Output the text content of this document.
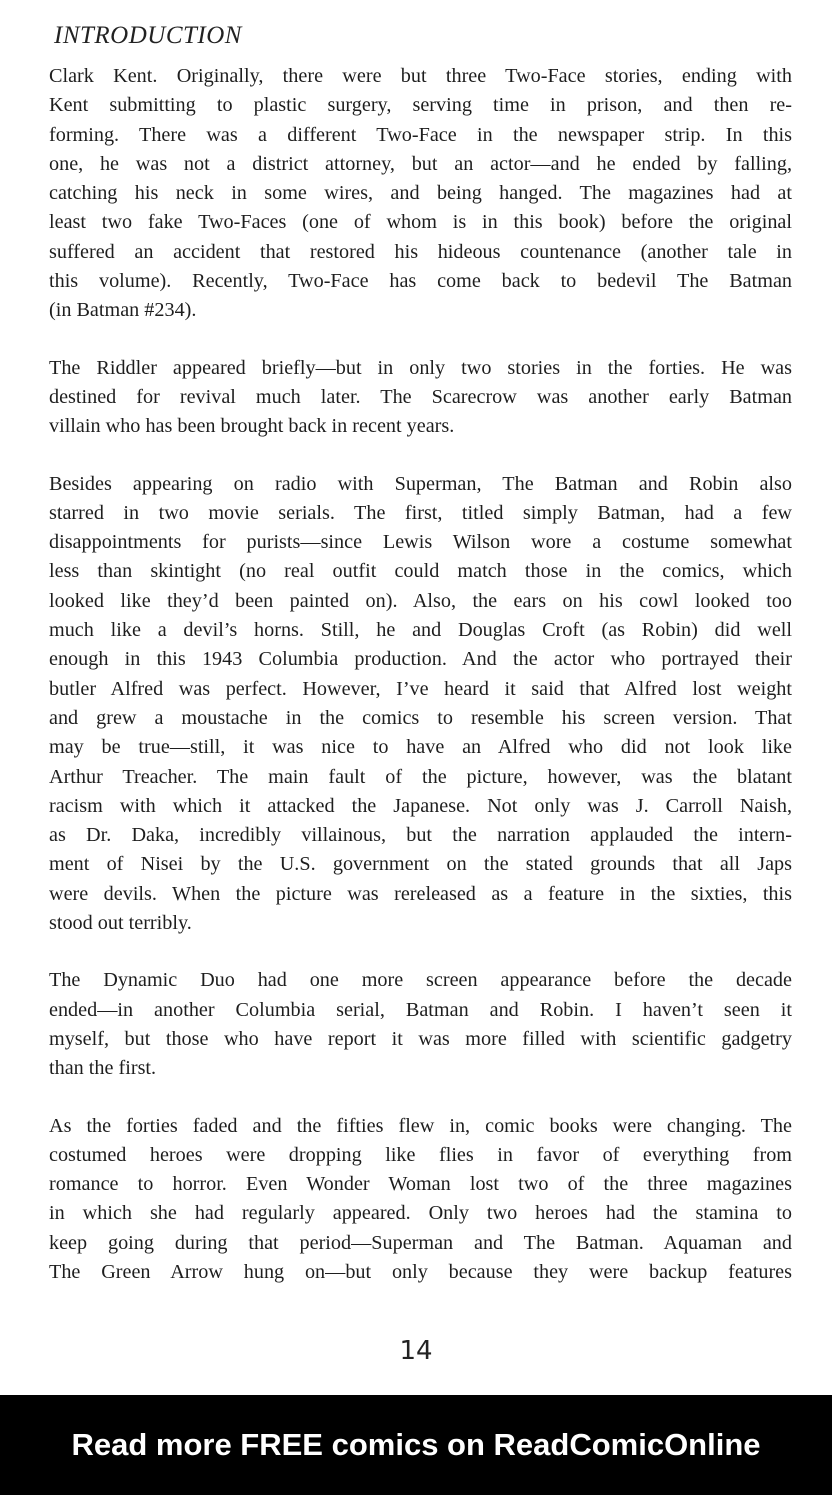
INTRODUCTION
Clark Kent. Originally, there were but three Two-Face stories, ending with
Kent submitting to plastic surgery, serving time in prison, and then re-
forming. There was a different Two-Face in the newspaper strip. In this
one, he was not a district attorney, but an actor—and he ended by falling,
catching his neck in some wires, and being hanged. The magazines had at
least two fake Two-Faces (one of whom is in this book) before the original
suffered an accident that restored his hideous countenance (another tale in
this volume). Recently, Two-Face has come back to bedevil The Batman
(in Batman #234).
The Riddler appeared briefly—but in only two stories in the forties. He was
destined for revival much later. The Scarecrow was another early Batman
villain who has been brought back in recent years.
Besides appearing on radio with Superman, The Batman and Robin also
starred in two movie serials. The first, titled simply Batman, had a few
disappointments for purists—since Lewis Wilson wore a costume somewhat
less than skintight (no real outfit could match those in the comics, which
looked like they’d been painted on). Also, the ears on his cowl looked too
much like a devil’s horns. Still, he and Douglas Croft (as Robin) did well
enough in this 1943 Columbia production. And the actor who portrayed their
butler Alfred was perfect. However, I’ve heard it said that Alfred lost weight
and grew a moustache in the comics to resemble his screen version. That
may be true—still, it was nice to have an Alfred who did not look like
Arthur Treacher. The main fault of the picture, however, was the blatant
racism with which it attacked the Japanese. Not only was J. Carroll Naish,
as Dr. Daka, incredibly villainous, but the narration applauded the intern-
ment of Nisei by the U.S. government on the stated grounds that all Japs
were devils. When the picture was rereleased as a feature in the sixties, this
stood out terribly.
The Dynamic Duo had one more screen appearance before the decade
ended—in another Columbia serial, Batman and Robin. I haven’t seen it
myself, but those who have report it was more filled with scientific gadgetry
than the first.
As the forties faded and the fifties flew in, comic books were changing. The
costumed heroes were dropping like flies in favor of everything from
romance to horror. Even Wonder Woman lost two of the three magazines
in which she had regularly appeared. Only two heroes had the stamina to
keep going during that period—Superman and The Batman. Aquaman and
The Green Arrow hung on—but only because they were backup features
14
Read more FREE comics on ReadComicOnline
